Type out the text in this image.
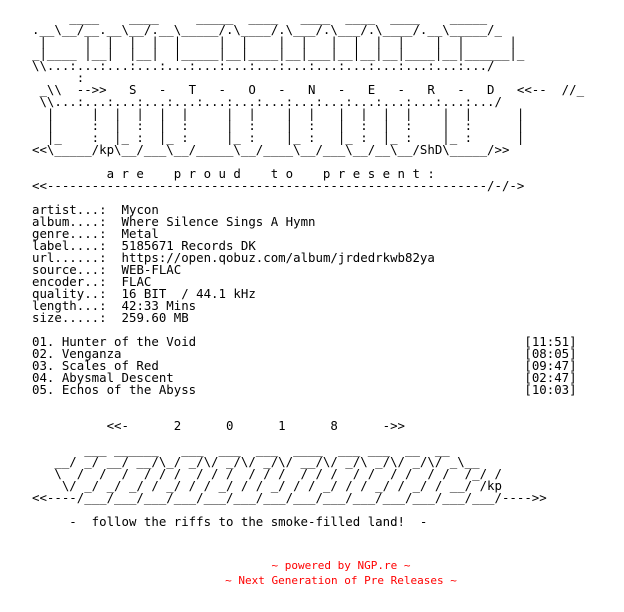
____    ____     _____  ____   ____  ____  ____    _____
.__\__/__.__\__/.__\_____/.\____/.\___/.\___/.\____/.__\_____/_
|     |  |  |  |  |     |  |    |  |   |  |  |  |    |  |      |
_|____ |__|  |__|  |_____|__|____|__|___|__|__|__|____|__|______|_
\\...:...:...:...:...:...:...:...:...:...:...:...:...:...:.../
:
_\\  -->>   S   -   T   -   O   -   N   -   E   -   R   -   D   <<--  //_
\\...:...:...:...:...:...:...:...:...:...:...:...:...:...:.../
|     |  |  |  |  |     |  |    |  |   |  |  |  |    |  |      |
|     :  |  :  |  :     |  :    |  :   |  :  |  :    |  :      |
|_    :  |_ :  |_ :     |_ :    |_ :   |_ :  |_ :    |_ :      |
<<\_____/kp\__/___\__/_____\__/____\__/___\__/__\__/ShD\_____/>>

a r e    p r o u d    t o    p r e s e n t :
<<-----------------------------------------------------------/-/->

artist...: Mycon
album....: Where Silence Sings A Hymn
genre....: Metal
label....: 5185671 Records DK
url......: https://open.qobuz.com/album/jrdedrkwb82ya
source...: WEB-FLAC
encoder..: FLAC
quality..: 16 BIT  / 44.1 kHz
length...: 42:33 Mins
size.....: 259.60 MB

01. Hunter of the Void	[11:51]
02. Venganza	[08:05]
03. Scales of Red	[09:47]
04. Abysmal Descent	[02:47]
05. Echos of the Abyss	[10:03]

<<-      2      0      1      8      ->>

___ ______   ___  ___  ___  ____  ___ ___  __  __
__/ _/ __/ __/\_/ _/\/ _/\/ _/\/ __/\/ _/\ _/\/ _/\/ _\__
\  /  /  /  / / /  / / /  / / /  / / /  / /  / /  / /  /_/ /
\/ _/ _/ _/ / _/ / / _/ / / _/ / / _/ / / _/ / _/ / __/ /kp
<<----/___/___/___/___/___/___/___/___/___/___/___/___/___/___/---->>

-  follow the riffs to the smoke-filled land!  -

~ powered by NGP.re ~
~ Next Generation of Pre Releases ~
